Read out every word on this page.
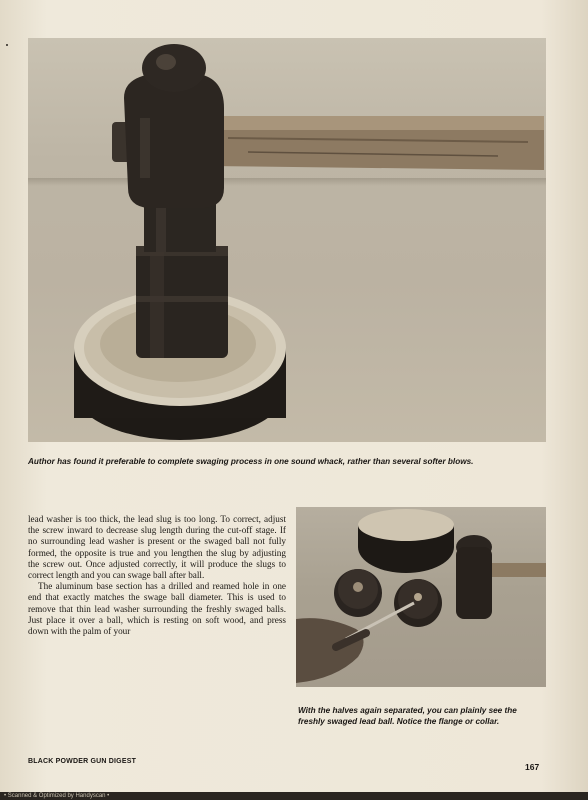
Author has found it preferable to complete swaging process in one sound whack, rather than several softer blows.

lead washer is too thick, the lead slug is too long. To correct, adjust the screw inward to decrease slug length during the cut-off stage. If no surrounding lead washer is present or the swaged ball not fully formed, the opposite is true and you lengthen the slug by adjusting the screw out. Once adjusted correctly, it will produce the slugs to correct length and you can swage ball after ball.

The aluminum base section has a drilled and reamed hole in one end that exactly matches the swage ball diameter. This is used to remove that thin lead washer surrounding the freshly swaged balls. Just place it over a ball, which is resting on soft wood, and press down with the palm of your

With the halves again separated, you can plainly see the freshly swaged lead ball. Notice the flange or collar.
BLACK POWDER GUN DIGEST
167
• Scanned & Optimized by Handyscan •
